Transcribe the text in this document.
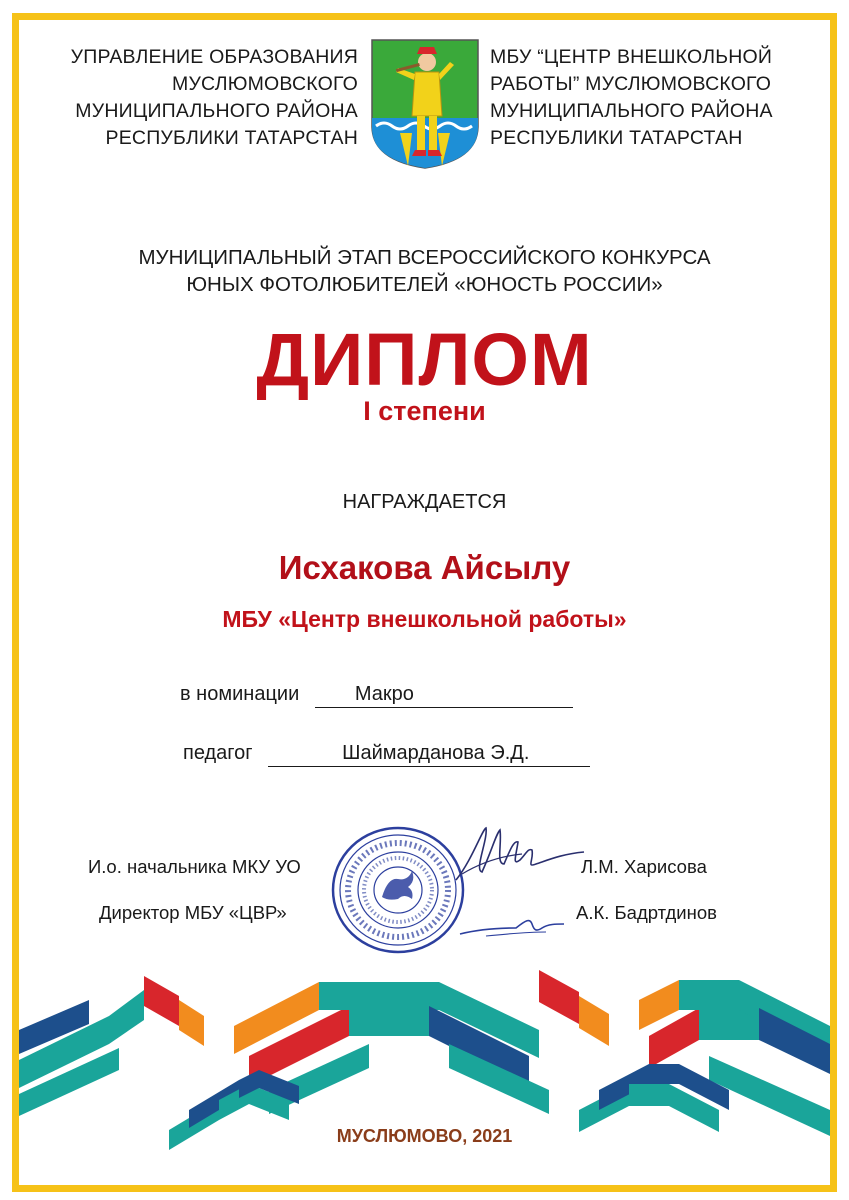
УПРАВЛЕНИЕ ОБРАЗОВАНИЯ
МУСЛЮМОВСКОГО
МУНИЦИПАЛЬНОГО РАЙОНА
РЕСПУБЛИКИ ТАТАРСТАН
МБУ “ЦЕНТР ВНЕШКОЛЬНОЙ
РАБОТЫ” МУСЛЮМОВСКОГО
МУНИЦИПАЛЬНОГО РАЙОНА
РЕСПУБЛИКИ ТАТАРСТАН
МУНИЦИПАЛЬНЫЙ ЭТАП ВСЕРОССИЙСКОГО КОНКУРСА
ЮНЫХ ФОТОЛЮБИТЕЛЕЙ «ЮНОСТЬ РОССИИ»
ДИПЛОМ
I степени
НАГРАЖДАЕТСЯ
Исхакова Айсылу
МБУ «Центр внешкольной работы»
в номинации	Макро
педагог	Шаймарданова Э.Д.
И.о. начальника МКУ УО	Л.М. Харисова
Директор МБУ «ЦВР»	А.К. Бадртдинов
МУСЛЮМОВО, 2021
